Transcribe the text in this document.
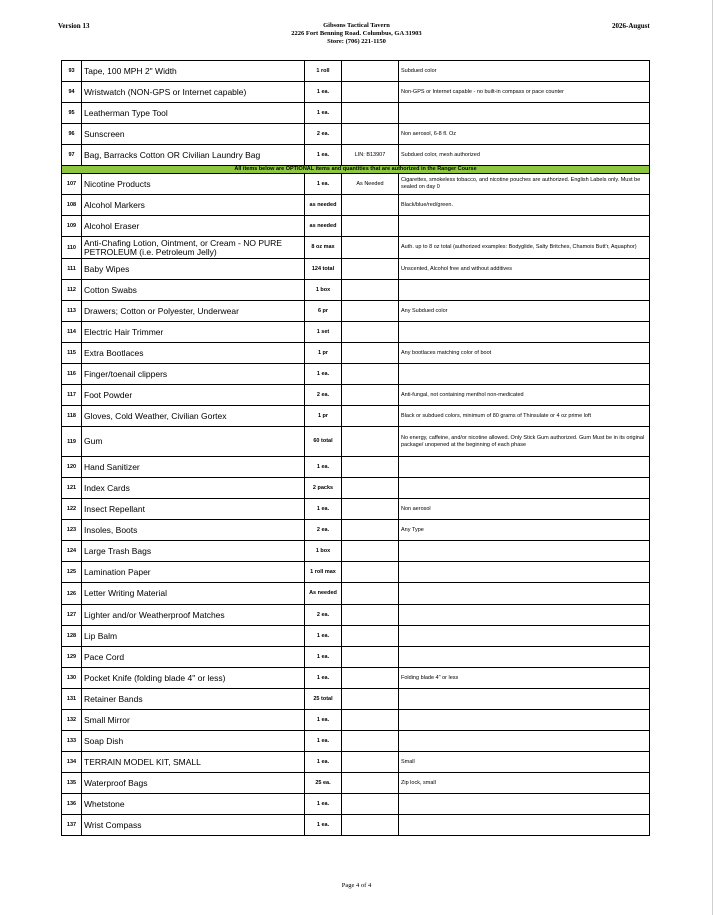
Version 13	Gibsons Tactical Tavern
2226 Fort Benning Road. Columbus, GA 31903
Store: (706) 221-1150
2026-August
93	Tape, 100 MPH 2" Width	1 roll		Subdued color
94	Wristwatch (NON-GPS or Internet capable)	1 ea.		Non-GPS or Internet capable - no built-in compass or pace counter
95	Leatherman Type Tool	1 ea.		
96	Sunscreen	2 ea.		Non aerosol, 6-8 fl. Oz
97	Bag, Barracks Cotton OR Civilian Laundry Bag	1 ea.	LIN: B13907	Subdued color, mesh authorized
All items below are OPTIONAL items and quantities that are authorized in the Ranger Course				
107	Nicotine Products	1 ea.	As Needed	Cigarettes, smokeless tobacco, and nicotine pouches are authorized. English Labels only. Must be sealed on day 0
108	Alcohol Markers	as needed		Black/blue/red/green.
109	Alcohol Eraser	as needed		
110	Anti-Chafing Lotion, Ointment, or Cream - NO PURE PETROLEUM (i.e. Petroleum Jelly)	8 oz max		Auth. up to 8 oz total (authorized examples: Bodyglide, Salty Britches, Chamois Butt'r, Aquaphor)
111	Baby Wipes	124 total		Unscented, Alcohol free and without additives
112	Cotton Swabs	1 box		
113	Drawers; Cotton or Polyester, Underwear	6 pr		Any Subdued color
114	Electric Hair Trimmer	1 set		
115	Extra Bootlaces	1 pr		Any bootlaces matching color of boot
116	Finger/toenail clippers	1 ea.		
117	Foot Powder	2 ea.		Anti-fungal, not containing menthol non-medicated
118	Gloves, Cold Weather, Civilian Gortex	1 pr		Black or subdued colors, minimum of 80 grams of Thinsulate or 4 oz prime loft
119	Gum	60 total		No energy, caffeine, and/or nicotine allowed. Only Stick Gum authorized. Gum Must be in its original package/ unopened at the beginning of each phase
120	Hand Sanitizer	1 ea.		
121	Index Cards	2 packs		
122	Insect Repellant	1 ea.		Non aerosol
123	Insoles, Boots	2 ea.		Any Type
124	Large Trash Bags	1 box		
125	Lamination Paper	1 roll max		
126	Letter Writing Material	As needed		
127	Lighter and/or Weatherproof Matches	2 ea.		
128	Lip Balm	1 ea.		
129	Pace Cord	1 ea.		
130	Pocket Knife (folding blade 4" or less)	1 ea.		Folding blade 4" or less
131	Retainer Bands	25 total		
132	Small Mirror	1 ea.		
133	Soap Dish	1 ea.		
134	TERRAIN MODEL KIT, SMALL	1 ea.		Small
135	Waterproof Bags	25 ea.		Zip lock, small
136	Whetstone	1 ea.		
137	Wrist Compass	1 ea.		
Page 4 of 4
